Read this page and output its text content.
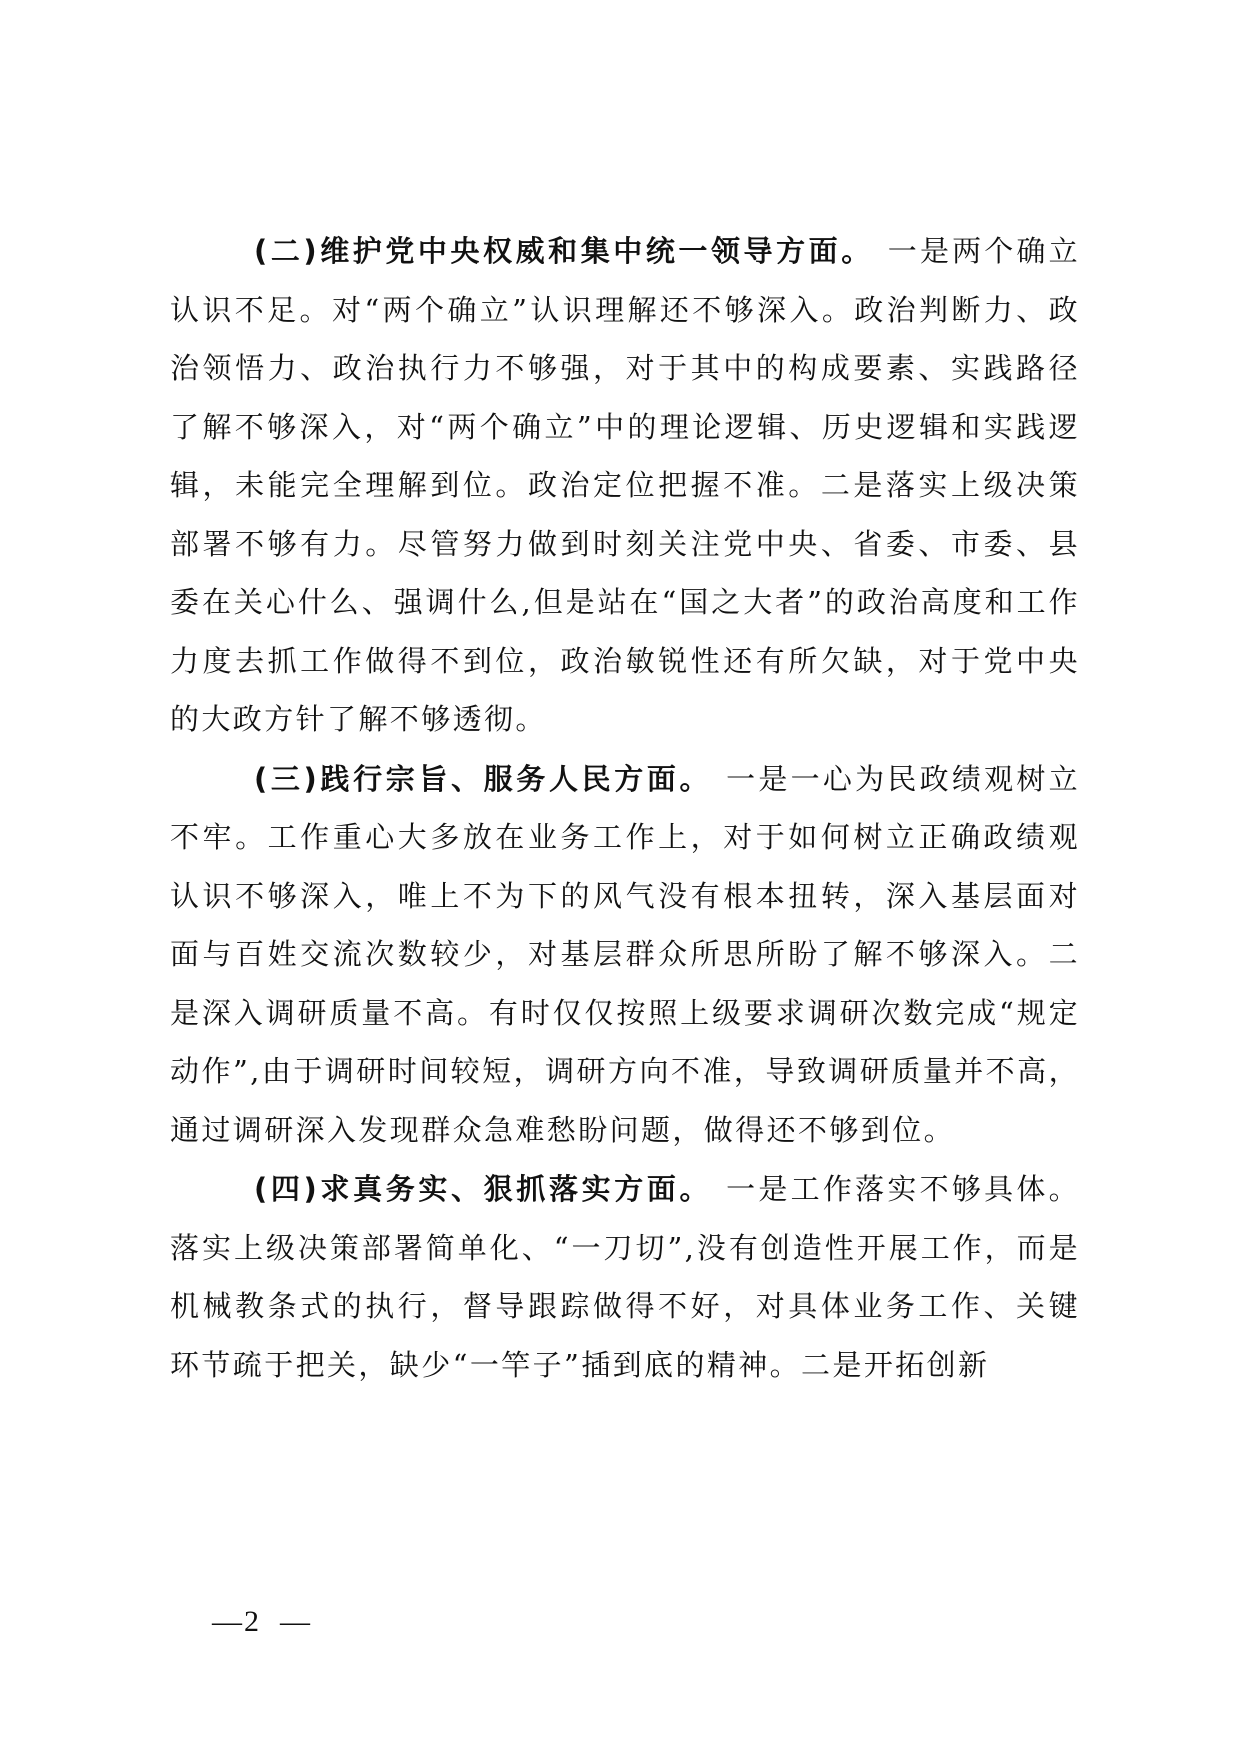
(二)维护党中央权威和集中统一领导方面。 一是两个确立认识不足。对“两个确立”认识理解还不够深入。政治判断力、政治领悟力、政治执行力不够强，对于其中的构成要素、实践路径了解不够深入，对“两个确立”中的理论逻辑、历史逻辑和实践逻辑，未能完全理解到位。政治定位把握不准。二是落实上级决策部署不够有力。尽管努力做到时刻关注党中央、省委、市委、县委在关心什么、强调什么,但是站在“国之大者”的政治高度和工作力度去抓工作做得不到位，政治敏锐性还有所欠缺，对于党中央的大政方针了解不够透彻。

(三)践行宗旨、服务人民方面。 一是一心为民政绩观树立不牢。工作重心大多放在业务工作上，对于如何树立正确政绩观认识不够深入，唯上不为下的风气没有根本扭转，深入基层面对面与百姓交流次数较少，对基层群众所思所盼了解不够深入。二是深入调研质量不高。有时仅仅按照上级要求调研次数完成“规定动作”,由于调研时间较短，调研方向不准，导致调研质量并不高，通过调研深入发现群众急难愁盼问题，做得还不够到位。

(四)求真务实、狠抓落实方面。 一是工作落实不够具体。落实上级决策部署简单化、“一刀切”,没有创造性开展工作，而是机械教条式的执行，督导跟踪做得不好，对具体业务工作、关键环节疏于把关，缺少“一竿子”插到底的精神。二是开拓创新

—2  —
